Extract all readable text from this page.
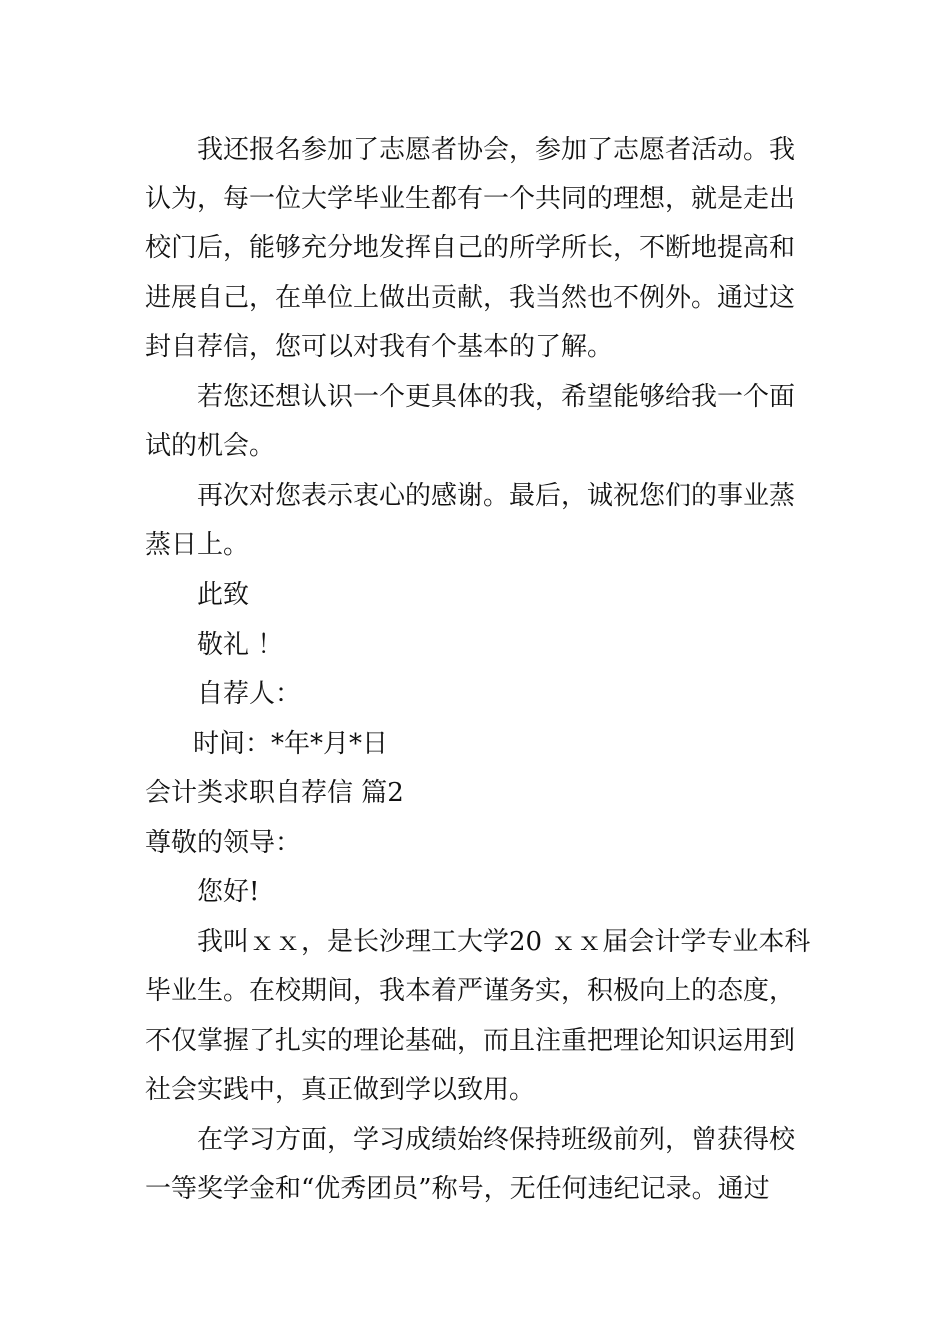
我还报名参加了志愿者协会，参加了志愿者活动。我
认为，每一位大学毕业生都有一个共同的理想，就是走出
校门后，能够充分地发挥自己的所学所长，不断地提高和
进展自己，在单位上做出贡献，我当然也不例外。通过这
封自荐信，您可以对我有个基本的了解。
若您还想认识一个更具体的我，希望能够给我一个面
试的机会。
再次对您表示衷心的感谢。最后，诚祝您们的事业蒸
蒸日上。
此致
敬礼 ！
自荐人：
时间：*年*月*日
会计类求职自荐信 篇2
尊敬的领导：
您好!
我叫ｘｘ，是长沙理工大学20 ｘｘ届会计学专业本科
毕业生。在校期间，我本着严谨务实，积极向上的态度，
不仅掌握了扎实的理论基础，而且注重把理论知识运用到
社会实践中，真正做到学以致用。
在学习方面，学习成绩始终保持班级前列，曾获得校
一等奖学金和“优秀团员”称号，无任何违纪记录。通过
